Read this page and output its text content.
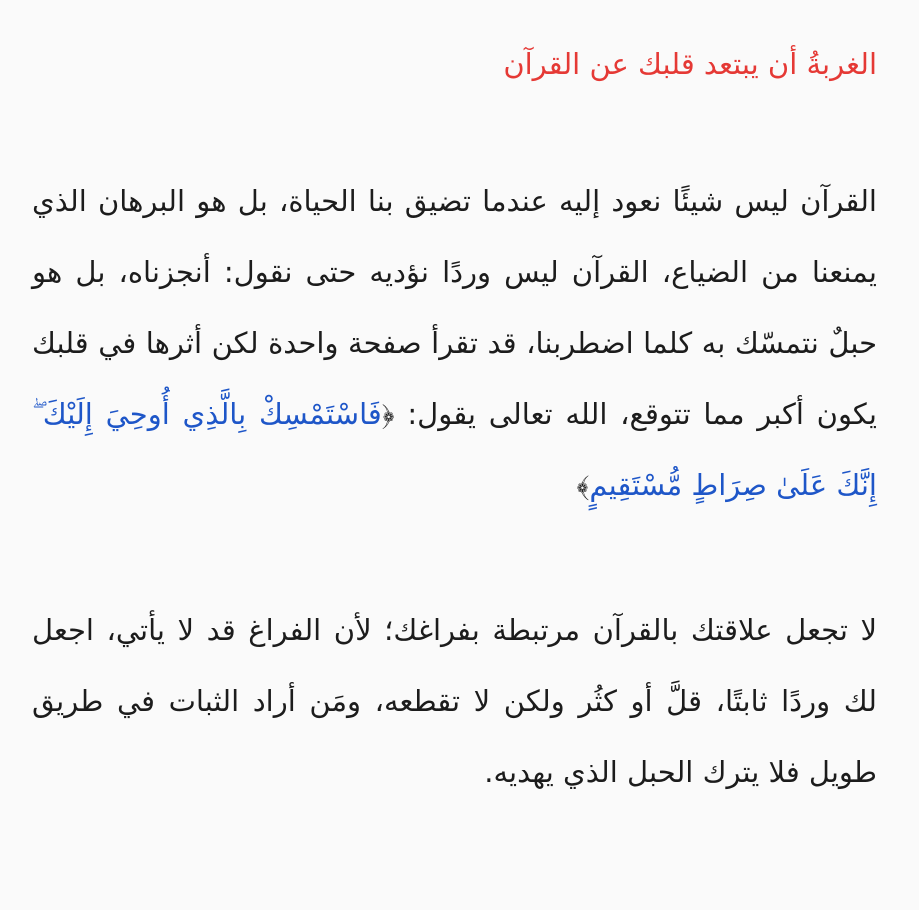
الغربةُ أن يبتعد قلبك عن القرآن

القرآن ليس شيئًا نعود إليه عندما تضيق بنا الحياة، بل هو البرهان الذي يمنعنا من الضياع، القرآن ليس وردًا نؤديه حتى نقول: أنجزناه، بل هو حبلٌ نتمسّك به كلما اضطربنا، قد تقرأ صفحة واحدة لكن أثرها في قلبك يكون أكبر مما تتوقع، الله تعالى يقول: ﴿فَاسْتَمْسِكْ بِالَّذِي أُوحِيَ إِلَيْكَ ۖ إِنَّكَ عَلَىٰ صِرَاطٍ مُّسْتَقِيمٍ﴾

لا تجعل علاقتك بالقرآن مرتبطة بفراغك؛ لأن الفراغ قد لا يأتي، اجعل لك وردًا ثابتًا، قلَّ أو كثُر ولكن لا تقطعه، ومَن أراد الثبات في طريق طويل فلا يترك الحبل الذي يهديه.
